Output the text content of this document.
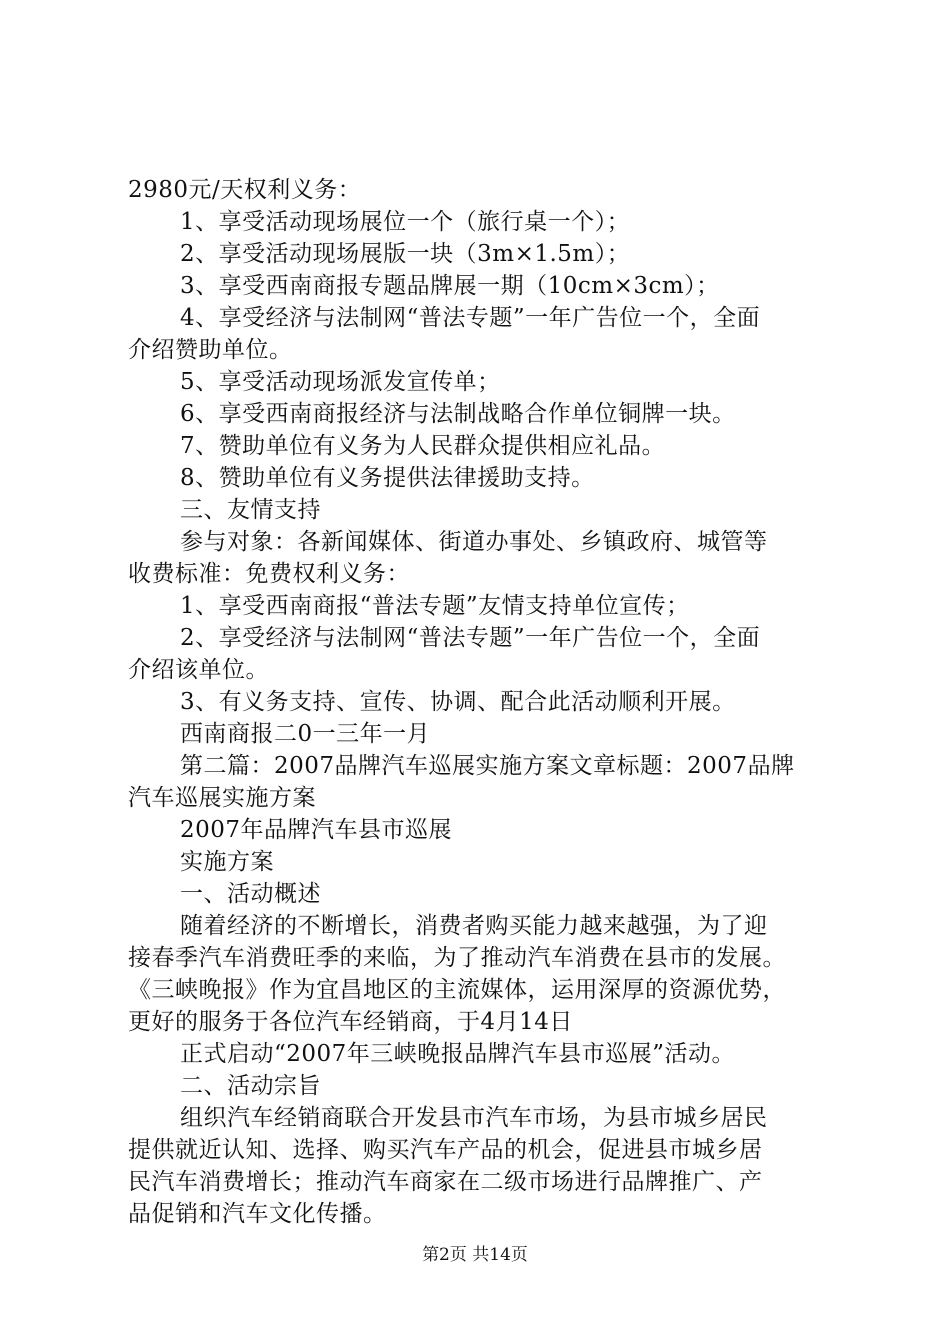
2980元/天权利义务：

1、享受活动现场展位一个（旅行桌一个）；

2、享受活动现场展版一块（3m×1.5m）；

3、享受西南商报专题品牌展一期（10cm×3cm）；

4、享受经济与法制网“普法专题”一年广告位一个，全面

介绍赞助单位。

5、享受活动现场派发宣传单；

6、享受西南商报经济与法制战略合作单位铜牌一块。

7、赞助单位有义务为人民群众提供相应礼品。

8、赞助单位有义务提供法律援助支持。

三、友情支持

参与对象：各新闻媒体、街道办事处、乡镇政府、城管等

收费标准：免费权利义务：

1、享受西南商报“普法专题”友情支持单位宣传；

2、享受经济与法制网“普法专题”一年广告位一个，全面

介绍该单位。

3、有义务支持、宣传、协调、配合此活动顺利开展。

西南商报二0一三年一月

第二篇：2007品牌汽车巡展实施方案文章标题：2007品牌

汽车巡展实施方案

2007年品牌汽车县市巡展

实施方案

一、活动概述

随着经济的不断增长，消费者购买能力越来越强，为了迎

接春季汽车消费旺季的来临，为了推动汽车消费在县市的发展。

《三峡晚报》作为宜昌地区的主流媒体，运用深厚的资源优势，

更好的服务于各位汽车经销商，于4月14日

正式启动“2007年三峡晚报品牌汽车县市巡展”活动。

二、活动宗旨

组织汽车经销商联合开发县市汽车市场，为县市城乡居民

提供就近认知、选择、购买汽车产品的机会，促进县市城乡居

民汽车消费增长；推动汽车商家在二级市场进行品牌推广、产

品促销和汽车文化传播。

第2页 共14页
